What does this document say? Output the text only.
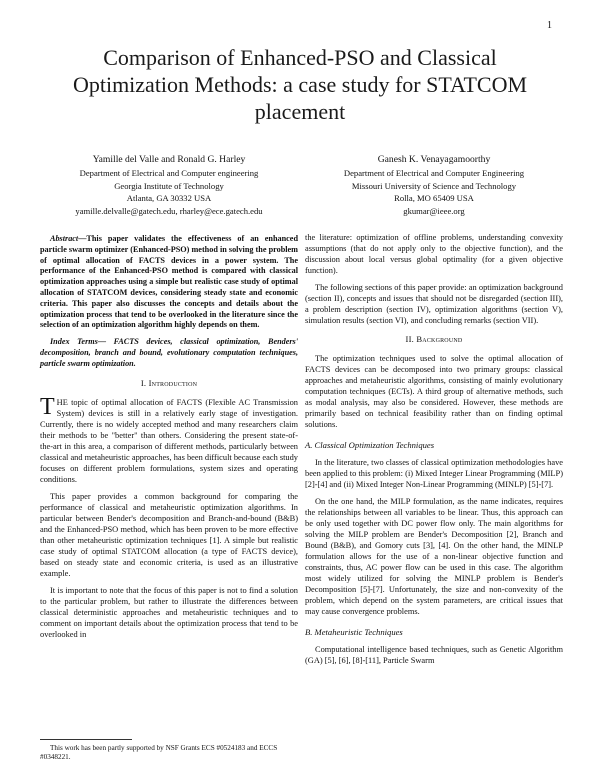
1
Comparison of Enhanced-PSO and Classical Optimization Methods: a case study for STATCOM placement
Yamille del Valle and Ronald G. Harley
Department of Electrical and Computer engineering
Georgia Institute of Technology
Atlanta, GA 30332 USA
yamille.delvalle@gatech.edu, rharley@ece.gatech.edu
Ganesh K. Venayagamoorthy
Department of Electrical and Computer Engineering
Missouri University of Science and Technology
Rolla, MO 65409 USA
gkumar@ieee.org

Abstract—This paper validates the effectiveness of an enhanced particle swarm optimizer (Enhanced-PSO) method in solving the problem of optimal allocation of FACTS devices in a power system. The performance of the Enhanced-PSO method is compared with classical optimization approaches using a simple but realistic case study of optimal allocation of STATCOM devices, considering steady state and economic criteria. This paper also discusses the concepts and details about the optimization process that tend to be overlooked in the literature since the selection of an optimization algorithm highly depends on them.

Index Terms— FACTS devices, classical optimization, Benders' decomposition, branch and bound, evolutionary computation techniques, particle swarm optimization.

I. Introduction

THE topic of optimal allocation of FACTS (Flexible AC Transmission System) devices is still in a relatively early stage of investigation. Currently, there is no widely accepted method and many researchers claim their methods to be "better" than others. Considering the present state-of-the-art in this area, a comparison of different methods, particularly between classical and metaheuristic approaches, has been difficult because each study focuses on different problem formulations, system sizes and operating conditions.

This paper provides a common background for comparing the performance of classical and metaheuristic optimization algorithms. In particular between Bender's decomposition and Branch-and-bound (B&B) and the Enhanced-PSO method, which has been proven to be more effective than other metaheuristic optimization techniques [1]. A simple but realistic case study of optimal STATCOM allocation (a type of FACTS device), based on steady state and economic criteria, is used as an illustrative example.

It is important to note that the focus of this paper is not to find a solution to the particular problem, but rather to illustrate the differences between classical deterministic approaches and metaheuristic techniques and to comment on important details about the optimization process that tend to be overlooked in

the literature: optimization of offline problems, understanding convexity assumptions (that do not apply only to the objective function), and the discussion about local versus global optimality (for a given objective function).

The following sections of this paper provide: an optimization background (section II), concepts and issues that should not be disregarded (section III), a problem description (section IV), optimization algorithms (section V), simulation results (section VI), and concluding remarks (section VII).

II. Background

The optimization techniques used to solve the optimal allocation of FACTS devices can be decomposed into two primary groups: classical approaches and metaheuristic algorithms, consisting of mainly evolutionary computation techniques (ECTs). A third group of alternative methods, such as modal analysis, may also be considered. However, these methods are primarily based on technical feasibility rather than on finding optimal solutions.

A. Classical Optimization Techniques

In the literature, two classes of classical optimization methodologies have been applied to this problem: (i) Mixed Integer Linear Programming (MILP) [2]-[4] and (ii) Mixed Integer Non-Linear Programming (MINLP) [5]-[7].

On the one hand, the MILP formulation, as the name indicates, requires the relationships between all variables to be linear. Thus, this approach can be only used together with DC power flow only. The main algorithms for solving the MILP problem are Bender's Decomposition [2], Branch and Bound (B&B), and Gomory cuts [3], [4]. On the other hand, the MINLP formulation allows for the use of a non-linear objective function and constraints, thus, AC power flow can be used in this case. The algorithm most widely utilized for solving the MINLP problem is Bender's Decomposition [5]-[7]. Unfortunately, the size and non-convexity of the problem, which depend on the system parameters, are critical issues that may cause convergence problems.

B. Metaheuristic Techniques

Computational intelligence based techniques, such as Genetic Algorithm (GA) [5], [6], [8]-[11], Particle Swarm

This work has been partly supported by NSF Grants ECS #0524183 and ECCS #0348221.
